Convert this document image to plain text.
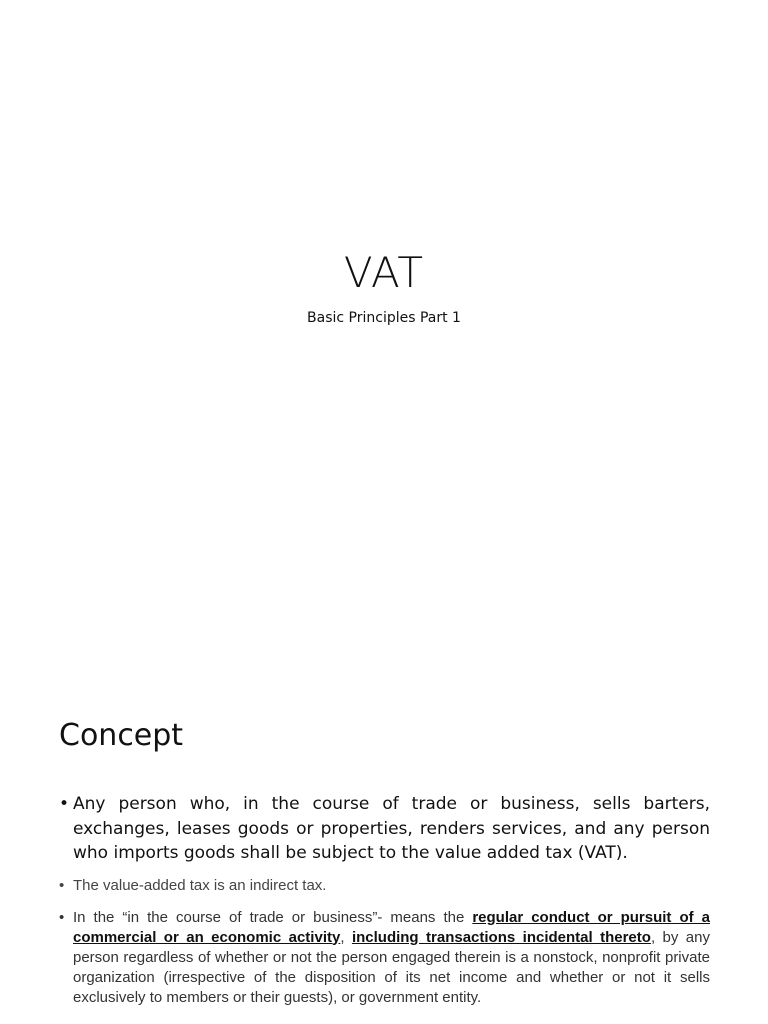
VAT
Basic Principles Part 1
Concept
• Any person who, in the course of trade or business, sells barters, exchanges, leases goods or properties, renders services, and any person who imports goods shall be subject to the value added tax (VAT).
• The value-added tax is an indirect tax.
• In the “in the course of trade or business”- means the regular conduct or pursuit of a commercial or an economic activity, including transactions incidental thereto, by any person regardless of whether or not the person engaged therein is a nonstock, nonprofit private organization (irrespective of the disposition of its net income and whether or not it sells exclusively to members or their guests), or government entity.
